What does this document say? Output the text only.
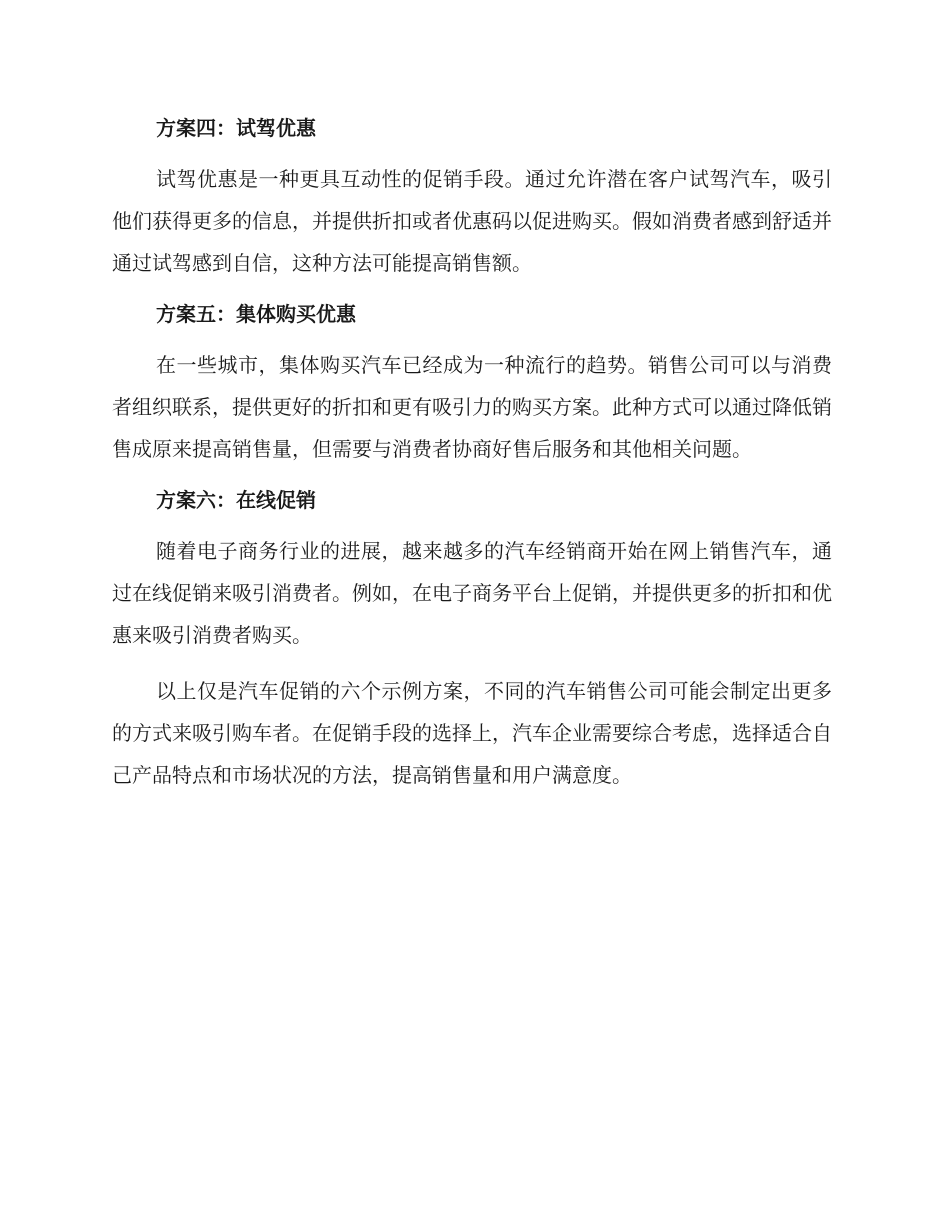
方案四：试驾优惠

试驾优惠是一种更具互动性的促销手段。通过允许潜在客户试驾汽车，吸引他们获得更多的信息，并提供折扣或者优惠码以促进购买。假如消费者感到舒适并通过试驾感到自信，这种方法可能提高销售额。

方案五：集体购买优惠

在一些城市，集体购买汽车已经成为一种流行的趋势。销售公司可以与消费者组织联系，提供更好的折扣和更有吸引力的购买方案。此种方式可以通过降低销售成原来提高销售量，但需要与消费者协商好售后服务和其他相关问题。

方案六：在线促销

随着电子商务行业的进展，越来越多的汽车经销商开始在网上销售汽车，通过在线促销来吸引消费者。例如，在电子商务平台上促销，并提供更多的折扣和优惠来吸引消费者购买。

以上仅是汽车促销的六个示例方案，不同的汽车销售公司可能会制定出更多的方式来吸引购车者。在促销手段的选择上，汽车企业需要综合考虑，选择适合自己产品特点和市场状况的方法，提高销售量和用户满意度。
